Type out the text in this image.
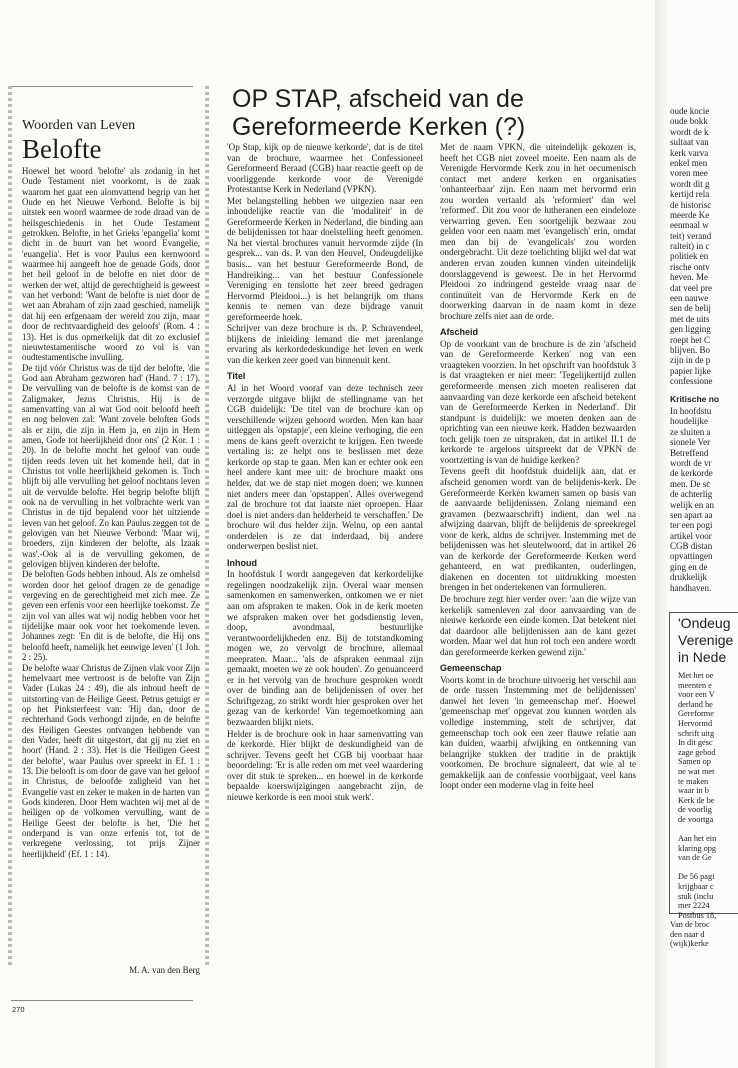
Woorden van Leven
Belofte

Hoewel het woord 'belofte' als zodanig in het Oude Testament niet voorkomt, is de zaak waarom het gaat een alomvattend begrip van het Oude en het Nieuwe Verbond. Belofte is bij uitstek een woord waarmee de rode draad van de heilsgeschiedenis in het Oude Testament getrokken. Belofte, in het Grieks 'epangelia' komt dicht in de buurt van het woord Evangelie, 'euangelia'. Het is voor Paulus een kernwoord waarmee hij aangeeft hoe de genade Gods, door het heil geloof in de belofte en niet door de werken der wet, altijd de gerechtigheid is geweest van het verbond: 'Want de belofte is niet door de wet aan Abraham of zijn zaad geschied, namelijk dat hij een erfgenaam der wereld zou zijn, maar door de rechtvaardigheid des geloofs' (Rom. 4 : 13). Het is dus opmerkelijk dat dit zo exclusief nieuwtestamentische woord zo vol is van oudtestamentische invulling.

De tijd vóór Christus was de tijd der belofte, 'die God aan Abraham gezworen had' (Hand. 7 : 17). De vervulling van de belofte is de komst van de Zaligmaker, Jezus Christus. Hij is de samenvatting van al wat God ooit beloofd heeft en nog beloven zal: 'Want zovele beloften Gods als er zijn, die zijn in Hem ja, en zijn in Hem amen, Gode tot heerlijkheid door ons' (2 Kor. 1 : 20). In de belofte mocht het geloof van oude tijden reeds leven uit het komende heil, dat in Christus tot volle heerlijkheid gekomen is. Toch blijft bij alle vervulling het geloof nochtans leven uit de vervulde belofte. Het begrip belofte blijft ook na de vervulling in het volbrachte werk van Christus in de tijd bepalend voor het uitziende leven van het geloof. Zo kan Paulus zeggen tot de gelovigen van het Nieuwe Verbond: 'Maar wij, broeders, zijn kinderen der belofte, als Izaak was'.-Ook al is de vervulling gekomen, de gelovigen blijven kinderen der belofte.

De beloften Gods hebben inhoud. Als ze omhelsd worden door het geloof dragen ze de genadige vergeving en de gerechtigheid met zich mee. Ze geven een erfenis voor een heerlijke toekomst. Ze zijn vol van alles wat wij nodig hebben voor het tijdelijke maar ook voor het toekomende leven. Johannes zegt: 'En dit is de belofte, die Hij ons beloofd heeft, namelijk het eeuwige leven' (1 Joh. 2 : 25).

De belofte waar Christus de Zijnen vlak voor Zijn hemelvaart mee vertroost is de belofte van Zijn Vader (Lukas 24 : 49), die als inhoud heeft de uitstorting van de Heilige Geest. Petrus getuigt er op het Pinksterfeest van: 'Hij dan, door de rechterhand Gods verhoogd zijnde, en de belofte des Heiligen Geestes ontvangen hebbende van den Vader, heeft dit uitgestort, dat gij nu ziet en hoort' (Hand. 2 : 33). Het is die 'Heiligen Geest der belofte', waar Paulus over spreekt in Ef. 1 : 13. Die belooft is om door de gave van het geloof in Christus, de beloofde zaligheid van het Evangelie vast en zeker te maken in de harten van Gods kinderen. Door Hem wachten wij met al de heiligen op de volkomen vervulling, want de Heilige Geest der belofte is het, 'Die het onderpand is van onze erfenis tot, tot de verkregene verlossing, tot prijs Zijner heerlijkheid' (Ef. 1 : 14).

M. A. van den Berg
270
OP STAP, afscheid van de Gereformeerde Kerken (?)

'Op Stap, kijk op de nieuwe kerkorde', dat is de titel van de brochure, waarmee het Confessioneel Gereformeerd Beraad (CGB) haar reactie geeft op de voorliggende kerkorde voor de Verenigde Protestantse Kerk in Nederland (VPKN).

Met belangstelling hebben we uitgezien naar een inhoudelijke reactie van die 'modaliteit' in de Gereformeerde Kerken in Nederland, die binding aan de belijdenissen tot haar doelstelling heeft genomen. Na het viertal brochures vanuit hervormde zijde (In gesprek... van ds. P. van den Heuvel, Ondeugdelijke basis... van het bestuur Gereformeerde Bond, de Handreiking... van het bestuur Confessionele Vereniging en tenslotte het zeer breed gedragen Hervormd Pleidooi...) is het belangrijk om thans kennis te nemen van deze bijdrage vanuit gereformeerde hoek.

Schrijver van deze brochure is ds. P. Schravendeel, blijkens de inleiding lemand die met jarenlange ervaring als kerkordedeskundige het leven en werk van die kerken zeer goed van binnenuit kent.

Titel

Al in het Woord vooraf van deze technisch zeer verzorgde uitgave blijkt de stellingname van het CGB duidelijk: 'De titel van de brochure kan op verschillende wijzen gehoord worden. Men kan haar uitleggen als 'opstapje', een kleine verhoging, die een mens de kans geeft overzicht te krijgen. Een tweede vertaling is: ze helpt ons te beslissen met deze kerkorde op stap te gaan. Men kan er echter ook een heel andere kant mee uit: de brochure maakt ons helder, dat we de stap niet mogen doen; we kunnen niet anders meer dan 'opstappen'. Alles overwegend zal de brochure tot dat laatste niet oproepen. Haar doel is niet anders dan helderheid te verschaffen.' De brochure wil dus helder zijn. Welnu, op een aantal onderdelen is ze dat inderdaad, bij andere onderwerpen beslist niet.

Inhoud

In hoofdstuk I wordt aangegeven dat kerkordelijke regelingen noodzakelijk zijn. Overal waar mensen samenkomen en samenwerken, ontkomen we er niet aan om afspraken te maken. Ook in de kerk moeten we afspraken maken over het godsdienstig leven, doop, avondmaal, bestuurlijke verantwoordelijkheden enz. Bij de totstandkoming mogen we, zo vervolgt de brochure, allemaal meepraten. Maar... 'als de afspraken eenmaal zijn gemaakt, moeten we ze ook houden'. Zo genuanceerd er in het vervolg van de brochure gesproken wordt over de binding aan de belijdenissen of over het Schriftgezag, zo strikt wordt hier gesproken over het gezag van de kerkorde! Van tegemoetkoming aan bezwaarden blijkt niets.

Helder is de brochure ook in haar samenvatting van de kerkorde. Hier blijkt de deskundigheid van de schrijver. Tevens geeft het CGB bij voorbaat haar beoordeling: 'Er is alle reden om met veel waardering over dit stuk te spreken... en hoewel in de kerkorde bepaalde koerswijzigingen aangebracht zijn, de nieuwe kerkorde is een mooi stuk werk'.

Met de naam VPKN, die uiteindelijk gekozen is, heeft het CGB niet zoveel moeite. Een naam als de Verenigde Hervormde Kerk zou in het oecumenisch contact met andere kerken en organisaties 'onhanteerbaar' zijn. Een naam met hervormd erin zou worden vertaald als 'reformiert' dan wel 'reformed'. Dit zou voor de lutheranen een eindeloze verwarring geven. Een soortgelijk bezwaar zou gelden voor een naam met 'evangelisch' erin, omdat men dan bij de 'evangelicals' zou worden ondergebracht. Uit deze toelichting blijkt wel dat wat anderen ervan zouden kunnen vinden uiteindelijk doorslaggevend is geweest. De in het Hervormd Pleidooi zo indringend gestelde vraag naar de continuïteit van de Hervormde Kerk en de doorwerking daarvan in de naam komt in deze brochure zelfs niet aan de orde.

Afscheid

Op de voorkant van de brochure is de zin 'afscheid van de Gereformeerde Kerken' nog van een vraagteken voorzien. In het opschrift van hoofdstuk 3 is dat vraagteken er niet meer: 'Tegelijkertijd zullen gereformeerde mensen zich moeten realiseren dat aanvaarding van deze kerkorde een afscheid betekent van de Gereformeerde Kerken in Nederland'. Dit standpunt is duidelijk: we moeten denken aan de oprichting van een nieuwe kerk. Hadden bezwaarden toch gelijk toen ze uitspraken, dat in artikel II.1 de kerkorde te argeloos uitspreekt dat de VPKN de voortzetting is van de huidige kerken?

Tevens geeft dit hoofdstuk duidelijk aan, dat er afscheid genomen wordt van de belijdenis-kerk. De Gereformeerde Kerken kwamen samen op basis van de aanvaarde belijdenissen. Zolang niemand een gravamen (bezwaarschrift) indient, dan wel na afwijzing daarvan, blijft de belijdenis de spreekregel voor de kerk, aldus de schrijver. Instemming met de belijdenissen was het sleutelwoord, dat in artikel 26 van de kerkorde der Gereformeerde Kerken werd gehanteerd, en wat predikanten, ouderlingen, diakenen en docenten tot uitdrukking moesten brengen in het ondertekenen van formulieren.

De brochure zegt hier verder over: 'aan die wijze van kerkelijk samenleven zal door aanvaarding van de nieuwe kerkorde een einde komen. Dat betekent niet dat daardoor alle belijdenissen aan de kant gezet worden. Maar wel dat hun rol toch een andere wordt dan gereformeerde kerken gewend zijn.'

Gemeenschap

Voorts komt in de brochure uitvoerig het verschil aan de orde tussen 'Instemming met de belijdenissen' danwel het leven 'in gemeenschap met'. Hoewel 'gemeenschap met' opgevat zou kunnen worden als volledige instemming, stelt de schrijver, dat gemeenschap toch ook een zeer flauwe relatie aan kan duiden, waarbij afwijking en ontkenning van belangrijke stukken der traditie in de praktijk voorkomen. De brochure signaleert, dat wie al te gemakkelijk aan de confessie voorbijgaat, veel kans loopt onder een moderne vlag in feite heel

oude kocie
oude bokk
wordt de k
sultaat van
kerk varva
enkel men
voren mee
wordt dit g
kertijd rela
de historisc
meerde Ke
eenmaal w
teit) verand
ralteit) in c
politiek en
rische ontv
heven. Me
dat veel pre
een nauwe
sen de belij
met de uits
gen ligging
roept het C
blijven. Bo
zijn in de p
papier lijke
confessione
Kritische no
In hoofdstu
houdelijke
ze sluiten a
sionele Ver
Betreffend
wordt de vr
de kerkorde
men. De sc
de achterlig
welijk en an
sen apart aa
ter een pogi
artikel voor
CGB distan
opvattingen
ging en de
drukkelijk
handhaven.
'Ondeug
Verenige
in Nede
Met het oe
meenten e
voor een V
derland he
Gereforme
Hervormd
schrift uitg
In dit gesc
zage gebod
Samen op
ne wat met
te maken
waar in b
Kerk de be
de voorlig
de voortga
Aan het ein
klaring opg
van de Ge
De 56 pagi
krijgbaar c
stuk (inclu
mer 2224
Postbus 18,
Van de broc
den naar d
(wijk)kerke
